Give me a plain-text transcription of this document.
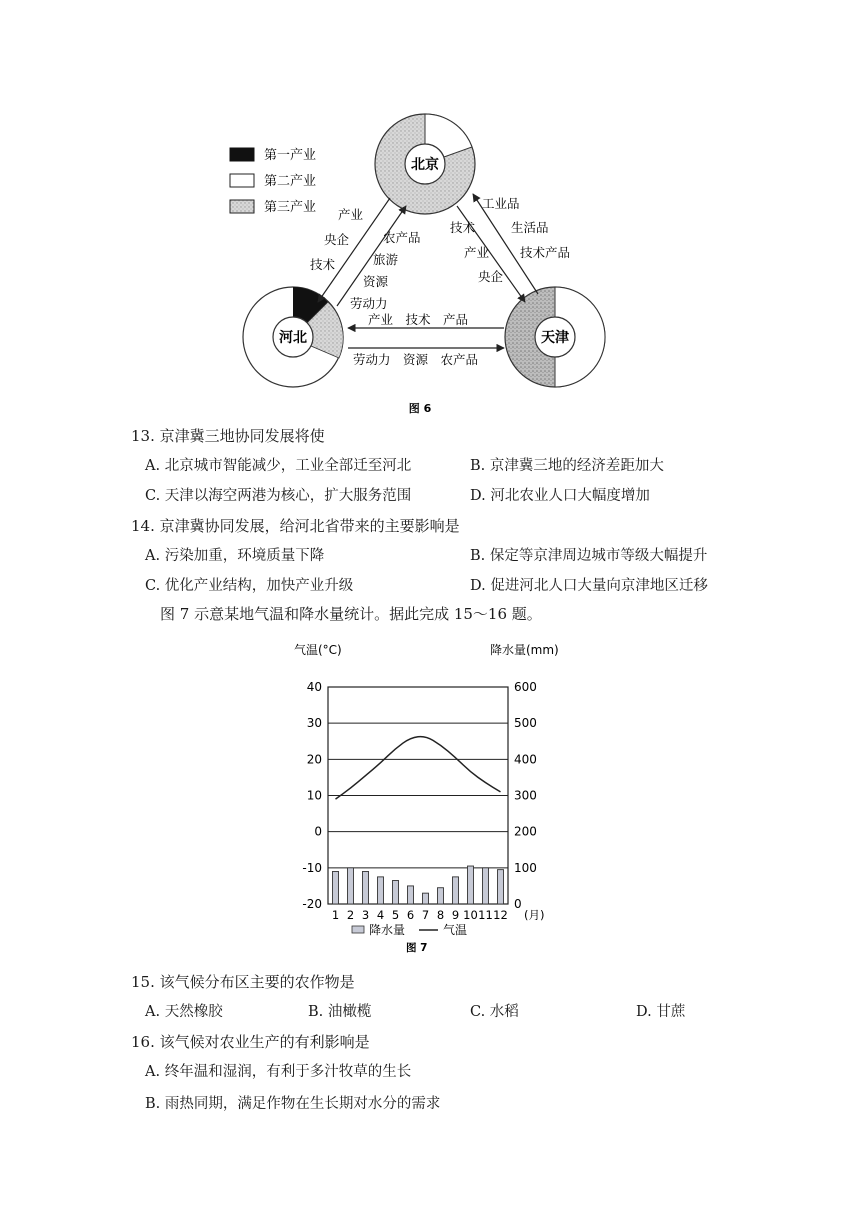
第一产业
第二产业
第三产业
北京
河北	天津
产业
央企
技术
农产品
旅游
资源
劳动力
工业品
生活品
技术产品
技术
产业
央企
产业　技术　产品
劳动力　资源　农产品
图 6
13. 京津冀三地协同发展将使
A. 北京城市智能减少，工业全部迁至河北	B. 京津冀三地的经济差距加大
C. 天津以海空两港为核心，扩大服务范围	D. 河北农业人口大幅度增加
14. 京津冀协同发展，给河北省带来的主要影响是
A. 污染加重，环境质量下降	B. 保定等京津周边城市等级大幅提升
C. 优化产业结构，加快产业升级	D. 促进河北人口大量向京津地区迁移
图 7 示意某地气温和降水量统计。据此完成 15～16 题。
气温(°C)	降水量(mm)
40
30
20
10
0
-10
-20
600
500
400
300
200
100
0
1 2 3 4 5 6 7 8 9 10 11 12 (月)
降水量	气温
图 7
15. 该气候分布区主要的农作物是
A. 天然橡胶	B. 油橄榄	C. 水稻	D. 甘蔗
16. 该气候对农业生产的有利影响是
A. 终年温和湿润，有利于多汁牧草的生长
B. 雨热同期，满足作物在生长期对水分的需求
